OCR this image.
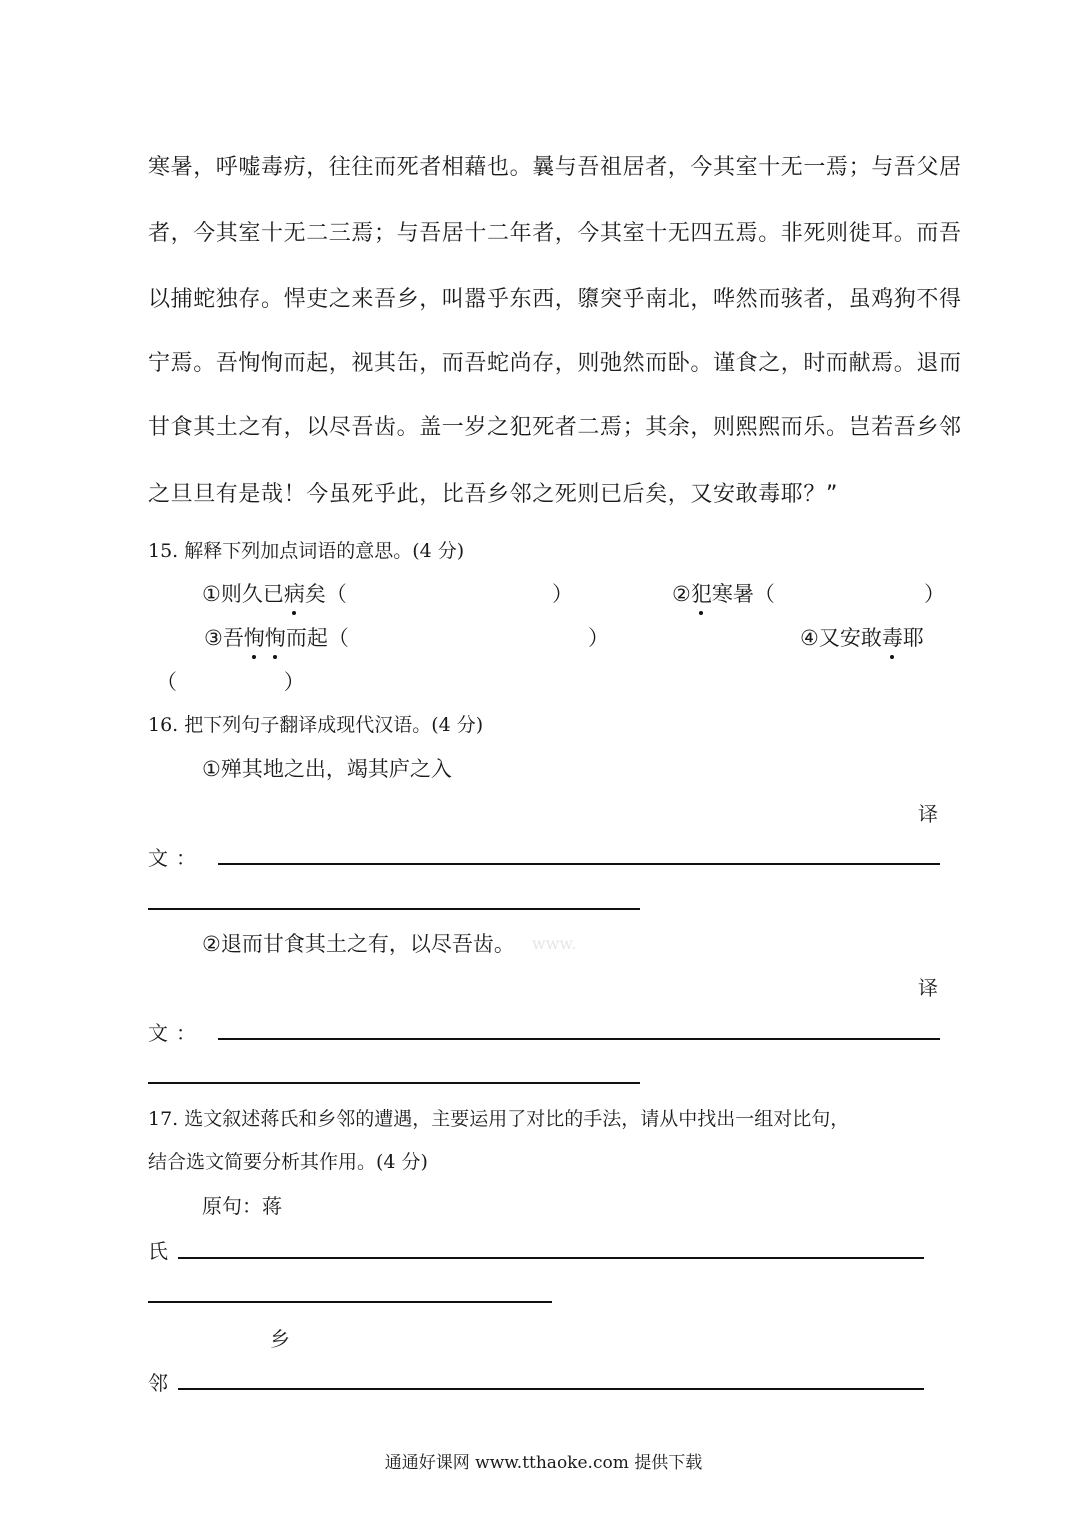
寒暑，呼嘘毒疠，往往而死者相藉也。曩与吾祖居者，今其室十无一焉；与吾父居
者，今其室十无二三焉；与吾居十二年者，今其室十无四五焉。非死则徙耳。而吾
以捕蛇独存。悍吏之来吾乡，叫嚣乎东西，隳突乎南北，哗然而骇者，虽鸡狗不得
宁焉。吾恂恂而起，视其缶，而吾蛇尚存，则弛然而卧。谨食之，时而献焉。退而
甘食其土之有，以尽吾齿。盖一岁之犯死者二焉；其余，则熙熙而乐。岂若吾乡邻
之旦旦有是哉！今虽死乎此，比吾乡邻之死则已后矣，又安敢毒耶？”
15. 解释下列加点词语的意思。(4 分)
①则久已病矣（	）	②犯寒暑（	）
③吾恂恂而起（	）	④又安敢毒耶
（                ）
16. 把下列句子翻译成现代汉语。(4 分)
①殚其地之出，竭其庐之入
译
文：
②退而甘食其土之有，以尽吾齿。 www.
译
文：
17. 选文叙述蒋氏和乡邻的遭遇，主要运用了对比的手法，请从中找出一组对比句，
结合选文简要分析其作用。(4 分)
原句：蒋
氏
乡
邻
通通好课网 www.tthaoke.com 提供下载
